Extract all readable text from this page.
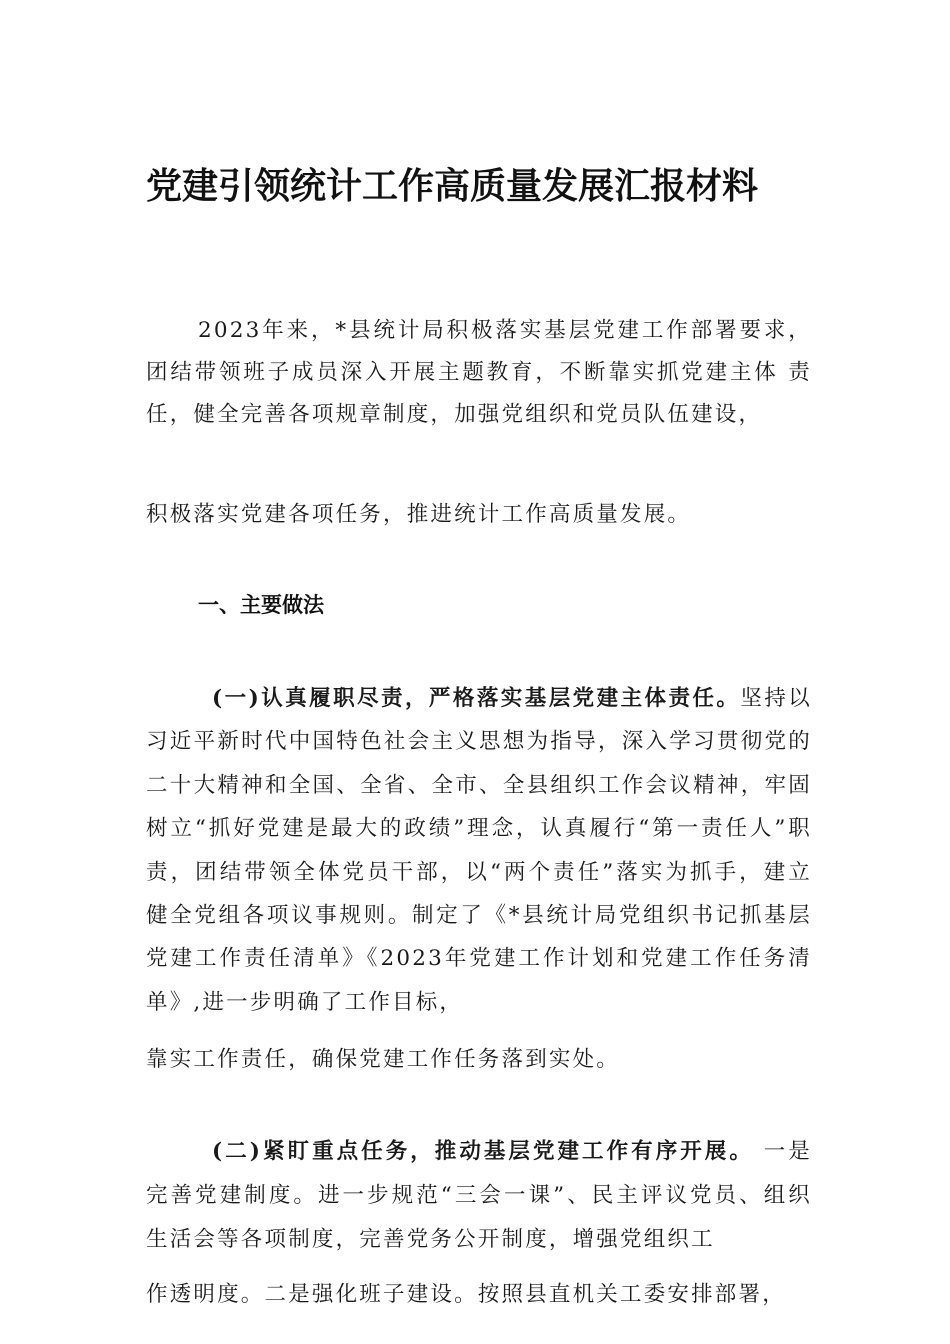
党建引领统计工作高质量发展汇报材料

2023年来，*县统计局积极落实基层党建工作部署要求， 团结带领班子成员深入开展主题教育，不断靠实抓党建主体 责任，健全完善各项规章制度，加强党组织和党员队伍建设，

积极落实党建各项任务，推进统计工作高质量发展。

一、主要做法

(一)认真履职尽责，严格落实基层党建主体责任。坚持以习近平新时代中国特色社会主义思想为指导，深入学习贯彻党的二十大精神和全国、全省、全市、全县组织工作会议精神，牢固树立“抓好党建是最大的政绩”理念，认真履行“第一责任人”职责，团结带领全体党员干部，以“两个责任”落实为抓手，建立健全党组各项议事规则。制定了《*县统计局党组织书记抓基层党建工作责任清单》《2023年党建工作计划和党建工作任务清单》,进一步明确了工作目标，

靠实工作责任，确保党建工作任务落到实处。

(二)紧盯重点任务，推动基层党建工作有序开展。 一是完善党建制度。进一步规范“三会一课”、民主评议党员、组织生活会等各项制度，完善党务公开制度，增强党组织工

作透明度。二是强化班子建设。按照县直机关工委安排部署，
